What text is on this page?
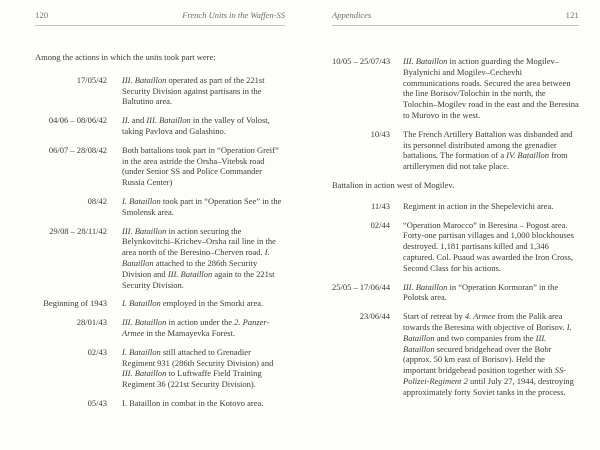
120	French Units in the Waffen-SS

Among the actions in which the units took part were:

17/05/42 III. Bataillon operated as part of the 221st Security Division against partisans in the Baltutino area.
04/06 – 08/06/42 II. and III. Bataillon in the valley of Volost, taking Pavlova and Galashino.
06/07 – 28/08/42 Both battalions took part in “Operation Greif” in the area astride the Orsha–Vitebsk road (under Senior SS and Police Commander Russia Center)
08/42 I. Bataillon took part in “Operation See” in the Smolensk area.
29/08 – 28/11/42 III. Bataillon in action securing the Belynkovitchi–Krichev–Orsha rail line in the area north of the Beresino–Cherven road. I. Bataillon attached to the 286th Security Division and III. Bataillon again to the 221st Security Division.
Beginning of 1943 I. Bataillon employed in the Smorki area.
28/01/43 III. Bataillon in action under the 2. Panzer-Armee in the Mamayevka Forest.
02/43 I. Bataillon still attached to Grenadier Regiment 931 (286th Security Division) and III. Bataillon to Luftwaffe Field Training Regiment 36 (221st Security Division).
05/43 I. Bataillon in combat in the Kotovo area.
Appendices	121
10/05 – 25/07/43 III. Bataillon in action guarding the Mogilev–Byalynichi and Mogilev–Cechevhi communications roads. Secured the area between the line Borisov/Tolochin in the north, the Tolochin–Mogilev road in the east and the Beresina to Murovo in the west.
10/43 The French Artillery Battalion was disbanded and its personnel distributed among the grenadier battalions. The formation of a IV. Bataillon from artillerymen did not take place.

Battalion in action west of Mogilev.

11/43 Regiment in action in the Shepelevichi area.
02/44 “Operation Marocco” in Beresina – Pogost area. Forty-one partisan villages and 1,000 blockhouses destroyed. 1,181 partisans killed and 1,346 captured. Col. Puaud was awarded the Iron Cross, Second Class for his actions.
25/05 – 17/06/44 III. Bataillon in “Operation Kormoran” in the Polotsk area.
23/06/44 Start of retreat by 4. Armee from the Palik area towards the Beresina with objective of Borisov. I. Bataillon and two companies from the III. Bataillon secured bridgehead over the Bobr (approx. 50 km east of Borisov). Held the important bridgehead position together with SS-Polizei-Regiment 2 until July 27, 1944, destroying approximately forty Soviet tanks in the process.
